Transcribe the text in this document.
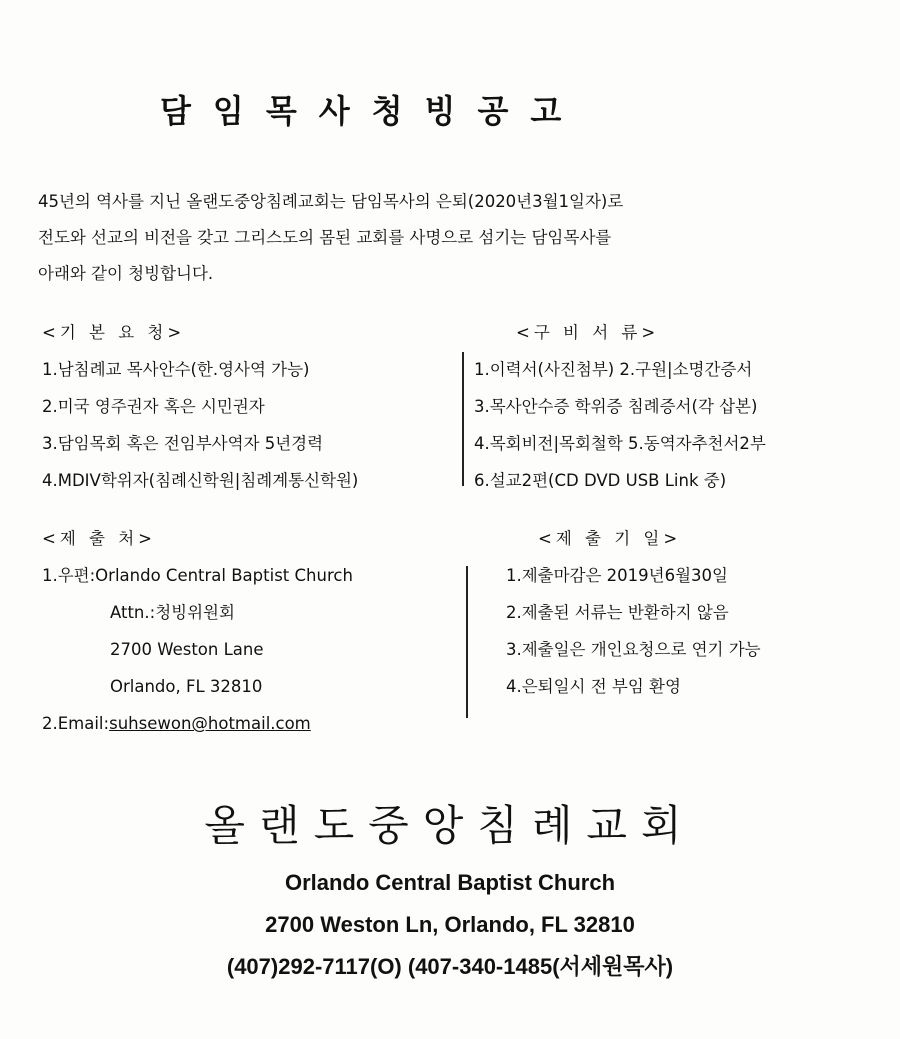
담임목사청빙공고
45년의 역사를 지닌 올랜도중앙침례교회는 담임목사의 은퇴(2020년3월1일자)로
전도와 선교의 비전을 갖고 그리스도의 몸된 교회를 사명으로 섬기는 담임목사를
아래와 같이 청빙합니다.
<기 본 요 청>
1.남침례교 목사안수(한.영사역 가능)
2.미국 영주권자 혹은 시민권자
3.담임목회 혹은 전임부사역자 5년경력
4.MDIV학위자(침례신학원|침례계통신학원)
<구 비 서 류>
1.이력서(사진첨부) 2.구원|소명간증서
3.목사안수증 학위증 침례증서(각 삽본)
4.목회비전|목회철학 5.동역자추천서2부
6.설교2편(CD DVD USB Link 중)
<제 출 처>
1.우편:Orlando Central Baptist Church
Attn.:청빙위원회
2700 Weston Lane
Orlando, FL 32810
2.Email:suhsewon@hotmail.com
<제 출 기 일>
1.제출마감은 2019년6월30일
2.제출된 서류는 반환하지 않음
3.제출일은 개인요청으로 연기 가능
4.은퇴일시 전 부임 환영
올랜도중앙침례교회
Orlando Central Baptist Church
2700 Weston Ln, Orlando, FL 32810
(407)292-7117(O) (407-340-1485(서세원목사)
